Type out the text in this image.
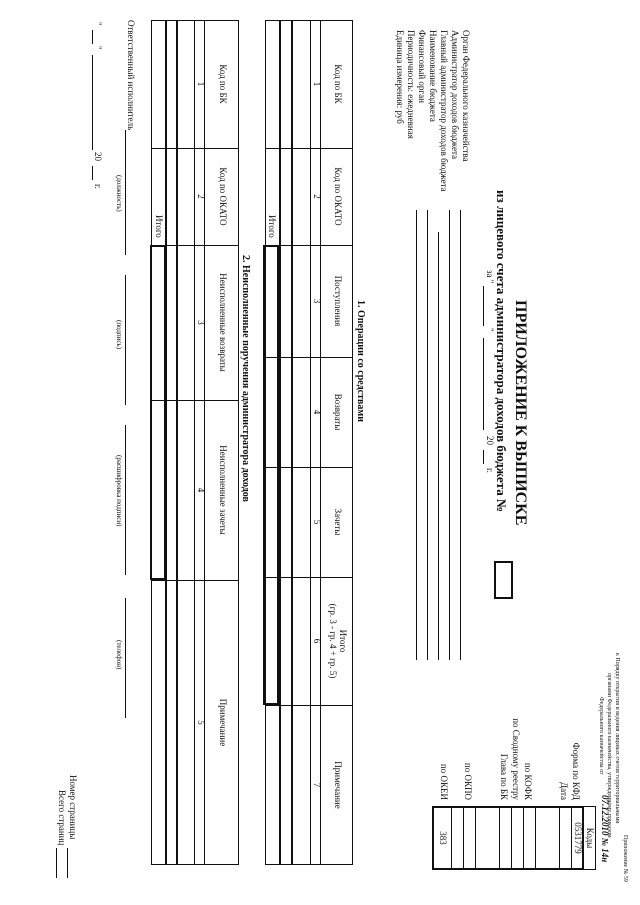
Приложение № 59
к Порядку открытия и ведения лицевых счетов территориальными
органами Федерального казначейства, утвержденному приказом
Федерального казначейства от
07.12.2010 № 14н
ПРИЛОЖЕНИЕ К ВЫПИСКЕ
из лицевого счета администратора доходов бюджета №
за "
"
20
г.
Орган Федерального казначейства
Администратор доходов бюджета
Главный администратор доходов бюджета
Наименование бюджета
Финансовый орган
Периодичность: ежедневная
Единица измерения: руб
Форма по КФД
Дата
по КОФК
по Сводному реестру
Глава по БК
по ОКПО
по ОКЕИ
Коды
0531779
383
1. Операции со средствами
Код по БК
Код по ОКАТО
Поступления
Возвраты
Зачеты
Итого
(гр. 3 - гр. 4 + гр. 5)
Примечание
1
2
3
4
5
6
7
Итого
2. Неисполненные поручения администратора доходов
Код по БК
Код по ОКАТО
Неисполненные возвраты
Неисполненные зачеты
Примечание
1
2
3
4
5
Итого
Ответственный исполнитель
(должность)
(подпись)
(расшифровка подписи)
(телефон)
"
"
20
г.
Номер страницы
Всего страниц
